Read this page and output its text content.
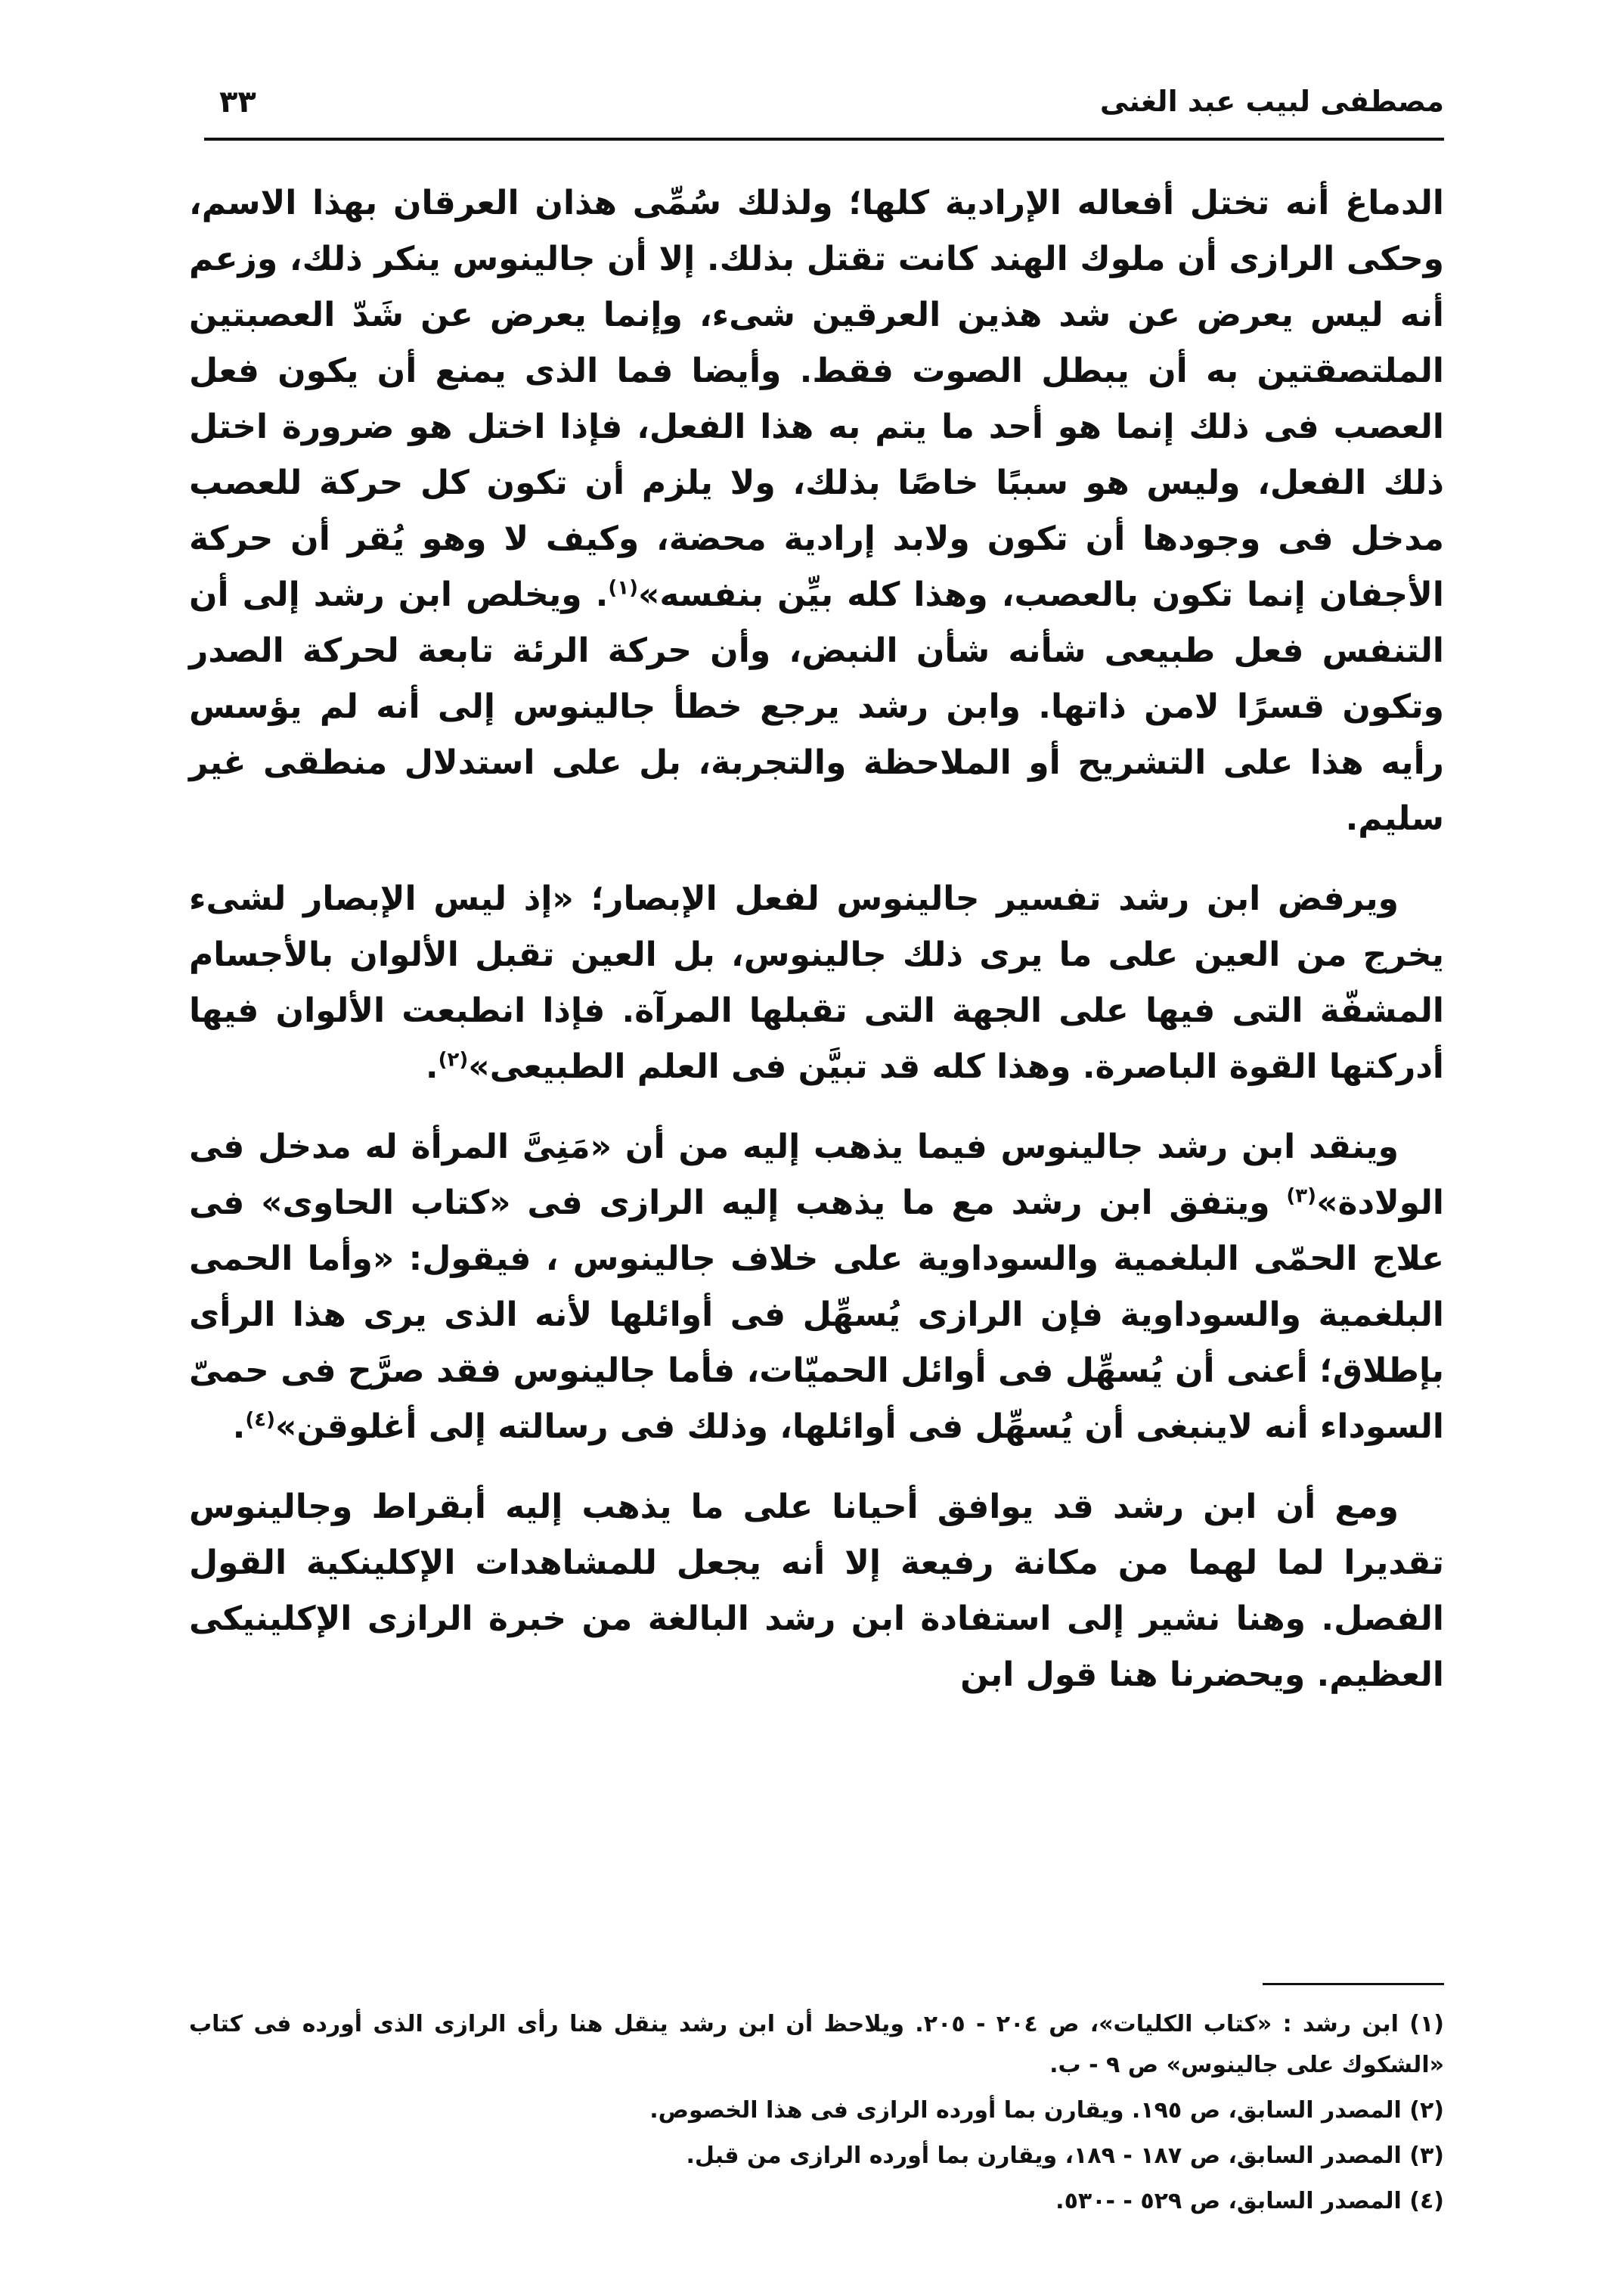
مصطفى لبيب عبد الغنى
٣٣

الدماغ أنه تختل أفعاله الإرادية كلها؛ ولذلك سُمِّى هذان العرقان بهذا الاسم، وحكى الرازى أن ملوك الهند كانت تقتل بذلك. إلا أن جالينوس ينكر ذلك، وزعم أنه ليس يعرض عن شد هذين العرقين شىء، وإنما يعرض عن شَدّ العصبتين الملتصقتين به أن يبطل الصوت فقط. وأيضا فما الذى يمنع أن يكون فعل العصب فى ذلك إنما هو أحد ما يتم به هذا الفعل، فإذا اختل هو ضرورة اختل ذلك الفعل، وليس هو سببًا خاصًا بذلك، ولا يلزم أن تكون كل حركة للعصب مدخل فى وجودها أن تكون ولابد إرادية محضة، وكيف لا وهو يُقر أن حركة الأجفان إنما تكون بالعصب، وهذا كله بيِّن بنفسه»$^{(١)}$. ويخلص ابن رشد إلى أن التنفس فعل طبيعى شأنه شأن النبض، وأن حركة الرئة تابعة لحركة الصدر وتكون قسرًا لامن ذاتها. وابن رشد يرجع خطأ جالينوس إلى أنه لم يؤسس رأيه هذا على التشريح أو الملاحظة والتجربة، بل على استدلال منطقى غير سليم.

ويرفض ابن رشد تفسير جالينوس لفعل الإبصار؛ «إذ ليس الإبصار لشىء يخرج من العين على ما يرى ذلك جالينوس، بل العين تقبل الألوان بالأجسام المشفّة التى فيها على الجهة التى تقبلها المرآة. فإذا انطبعت الألوان فيها أدركتها القوة الباصرة. وهذا كله قد تبيَّن فى العلم الطبيعى»$^{(٢)}$.

وينقد ابن رشد جالينوس فيما يذهب إليه من أن «مَنِىَّ المرأة له مدخل فى الولادة»$^{(٣)}$ ويتفق ابن رشد مع ما يذهب إليه الرازى فى «كتاب الحاوى» فى علاج الحمّى البلغمية والسوداوية على خلاف جالينوس ، فيقول: «وأما الحمى البلغمية والسوداوية فإن الرازى يُسهِّل فى أوائلها لأنه الذى يرى هذا الرأى بإطلاق؛ أعنى أن يُسهِّل فى أوائل الحميّات، فأما جالينوس فقد صرَّح فى حمىّ السوداء أنه لاينبغى أن يُسهِّل فى أوائلها، وذلك فى رسالته إلى أغلوقن»$^{(٤)}$.

ومع أن ابن رشد قد يوافق أحيانا على ما يذهب إليه أبقراط وجالينوس تقديرا لما لهما من مكانة رفيعة إلا أنه يجعل للمشاهدات الإكلينكية القول الفصل. وهنا نشير إلى استفادة ابن رشد البالغة من خبرة الرازى الإكلينيكى العظيم. ويحضرنا هنا قول ابن

(١) ابن رشد : «كتاب الكليات»، ص ٢٠٤ - ٢٠٥. ويلاحظ أن ابن رشد ينقل هنا رأى الرازى الذى أورده فى كتاب «الشكوك على جالينوس» ص ٩ - ب.

(٢) المصدر السابق، ص ١٩٥. ويقارن بما أورده الرازى فى هذا الخصوص.

(٣) المصدر السابق، ص ١٨٧ - ١٨٩، ويقارن بما أورده الرازى من قبل.

(٤) المصدر السابق، ص ٥٢٩ - -٥٣٠.
